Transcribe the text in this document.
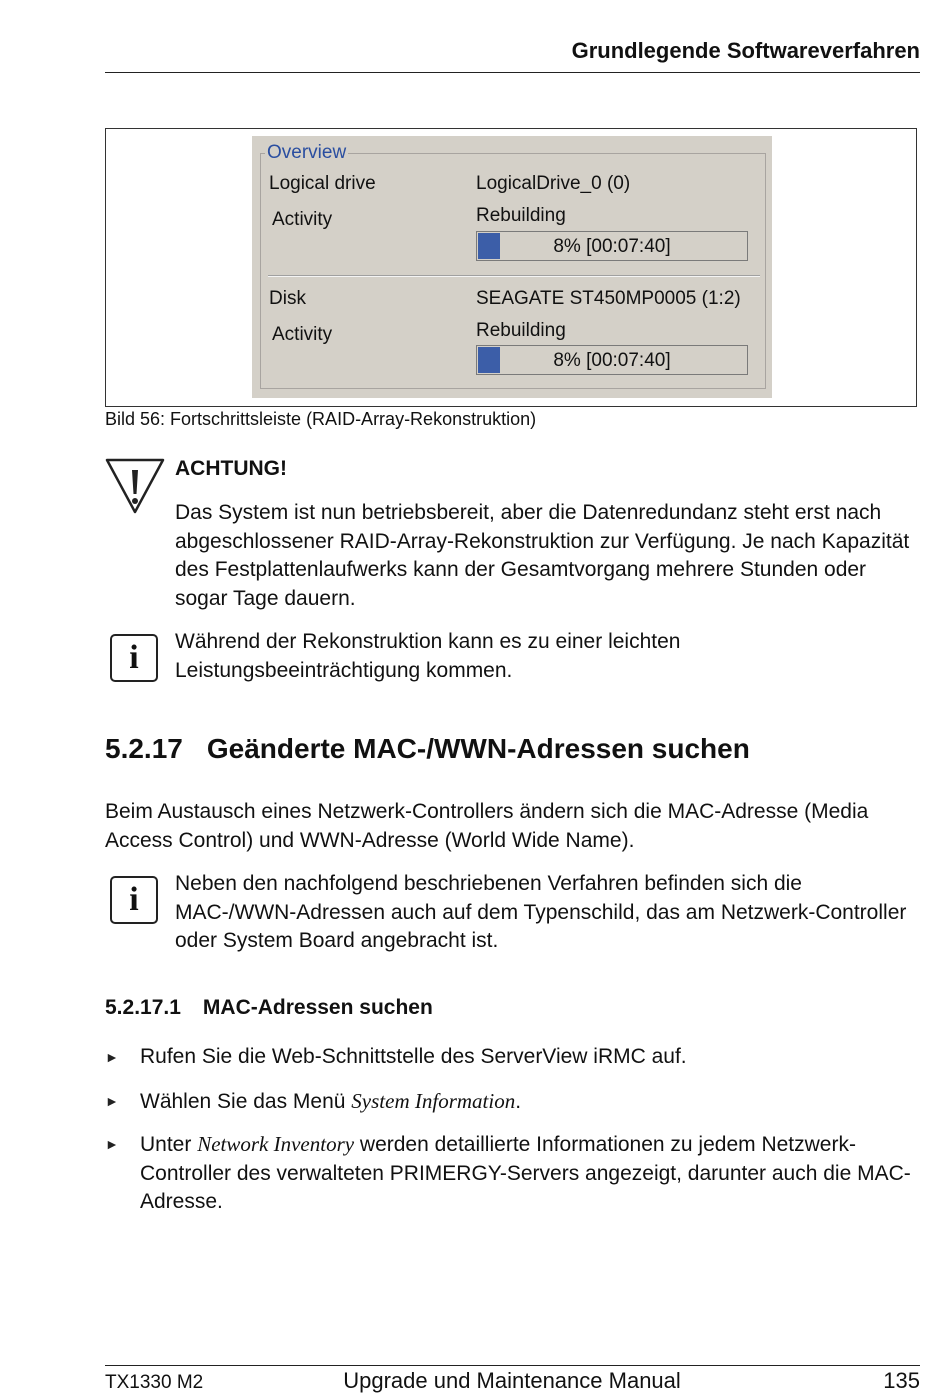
Grundlegende Softwareverfahren
Overview
Logical drive	LogicalDrive_0 (0)
Activity	Rebuilding
8% [00:07:40]
Disk	SEAGATE ST450MP0005 (1:2)
Activity	Rebuilding
8% [00:07:40]
Bild 56: Fortschrittsleiste (RAID-Array-Rekonstruktion)
ACHTUNG!
Das System ist nun betriebsbereit, aber die Datenredundanz steht erst nach abgeschlossener RAID-Array-Rekonstruktion zur Verfügung. Je nach Kapazität des Festplattenlaufwerks kann der Gesamtvorgang mehrere Stunden oder sogar Tage dauern.
i	Während der Rekonstruktion kann es zu einer leichten Leistungsbeeinträchtigung kommen.
5.2.17 Geänderte MAC-/WWN-Adressen suchen
Beim Austausch eines Netzwerk-Controllers ändern sich die MAC-Adresse (Media Access Control) und WWN-Adresse (World Wide Name).
i	Neben den nachfolgend beschriebenen Verfahren befinden sich die MAC-/WWN-Adressen auch auf dem Typenschild, das am Netzwerk-Controller oder System Board angebracht ist.
5.2.17.1 MAC-Adressen suchen
► Rufen Sie die Web-Schnittstelle des ServerView iRMC auf.
► Wählen Sie das Menü System Information.
► Unter Network Inventory werden detaillierte Informationen zu jedem Netzwerk-Controller des verwalteten PRIMERGY-Servers angezeigt, darunter auch die MAC-Adresse.
TX1330 M2	Upgrade und Maintenance Manual	135
